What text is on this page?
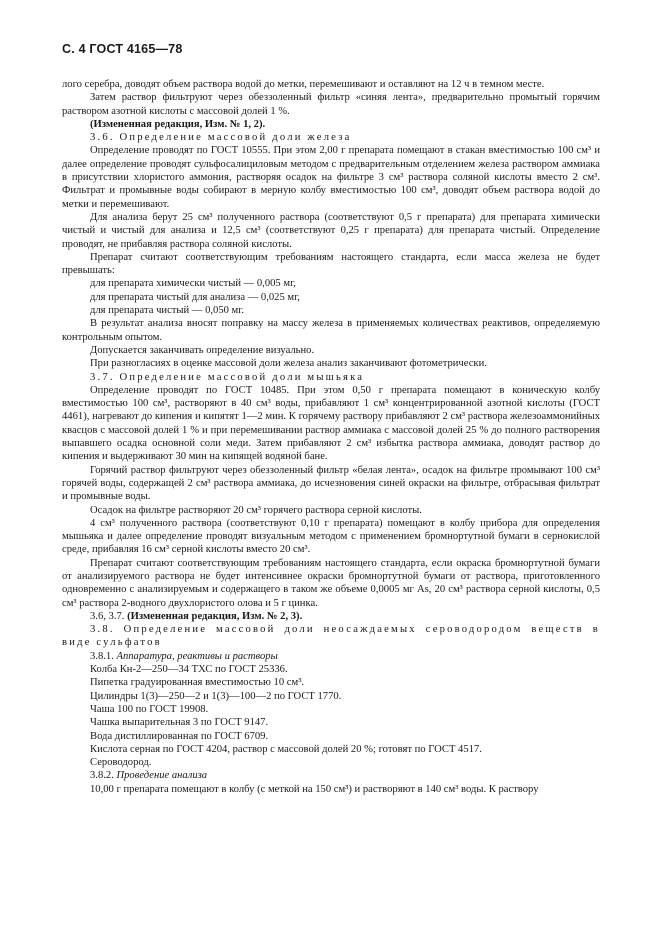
С. 4 ГОСТ 4165—78

лого серебра, доводят объем раствора водой до метки, перемешивают и оставляют на 12 ч в темном месте.

Затем раствор фильтруют через обеззоленный фильтр «синяя лента», предварительно промытый горячим раствором азотной кислоты с массовой долей 1 %.

(Измененная редакция, Изм. № 1, 2).

3.6. Определение массовой доли железа

Определение проводят по ГОСТ 10555. При этом 2,00 г препарата помещают в стакан вместимостью 100 см³ и далее определение проводят сульфосалициловым методом с предварительным отделением железа раствором аммиака в присутствии хлористого аммония, растворяя осадок на фильтре 3 см³ раствора соляной кислоты вместо 2 см³. Фильтрат и промывные воды собирают в мерную колбу вместимостью 100 см³, доводят объем раствора водой до метки и перемешивают.

Для анализа берут 25 см³ полученного раствора (соответствуют 0,5 г препарата) для препарата химически чистый и чистый для анализа и 12,5 см³ (соответствуют 0,25 г препарата) для препарата чистый. Определение проводят, не прибавляя раствора соляной кислоты.

Препарат считают соответствующим требованиям настоящего стандарта, если масса железа не будет превышать:

для препарата химически чистый — 0,005 мг,

для препарата чистый для анализа — 0,025 мг,

для препарата чистый — 0,050 мг.

В результат анализа вносят поправку на массу железа в применяемых количествах реактивов, определяемую контрольным опытом.

Допускается заканчивать определение визуально.

При разногласиях в оценке массовой доли железа анализ заканчивают фотометрически.

3.7. Определение массовой доли мышьяка

Определение проводят по ГОСТ 10485. При этом 0,50 г препарата помещают в коническую колбу вместимостью 100 см³, растворяют в 40 см³ воды, прибавляют 1 см³ концентрированной азотной кислоты (ГОСТ 4461), нагревают до кипения и кипятят 1—2 мин. К горячему раствору прибавляют 2 см³ раствора железоаммонийных квасцов с массовой долей 1 % и при перемешивании раствор аммиака с массовой долей 25 % до полного растворения выпавшего осадка основной соли меди. Затем прибавляют 2 см³ избытка раствора аммиака, доводят раствор до кипения и выдерживают 30 мин на кипящей водяной бане.

Горячий раствор фильтруют через обеззоленный фильтр «белая лента», осадок на фильтре промывают 100 см³ горячей воды, содержащей 2 см³ раствора аммиака, до исчезновения синей окраски на фильтре, отбрасывая фильтрат и промывные воды.

Осадок на фильтре растворяют 20 см³ горячего раствора серной кислоты.

4 см³ полученного раствора (соответствуют 0,10 г препарата) помещают в колбу прибора для определения мышьяка и далее определение проводят визуальным методом с применением бромнортутной бумаги в сернокислой среде, прибавляя 16 см³ серной кислоты вместо 20 см³.

Препарат считают соответствующим требованиям настоящего стандарта, если окраска бромнортутной бумаги от анализируемого раствора не будет интенсивнее окраски бромнортутной бумаги от раствора, приготовленного одновременно с анализируемым и содержащего в таком же объеме 0,0005 мг As, 20 см³ раствора серной кислоты, 0,5 см³ раствора 2-водного двухлористого олова и 5 г цинка.

3.6, 3.7. (Измененная редакция, Изм. № 2, 3).

3.8. Определение массовой доли неосаждаемых сероводородом веществ в виде сульфатов

3.8.1. Аппаратура, реактивы и растворы

Колба Кн-2—250—34 ТХС по ГОСТ 25336.

Пипетка градуированная вместимостью 10 см³.

Цилиндры 1(3)—250—2 и 1(3)—100—2 по ГОСТ 1770.

Чаша 100 по ГОСТ 19908.

Чашка выпарительная 3 по ГОСТ 9147.

Вода дистиллированная по ГОСТ 6709.

Кислота серная по ГОСТ 4204, раствор с массовой долей 20 %; готовят по ГОСТ 4517.

Сероводород.

3.8.2. Проведение анализа

10,00 г препарата помещают в колбу (с меткой на 150 см³) и растворяют в 140 см³ воды. К раствору
